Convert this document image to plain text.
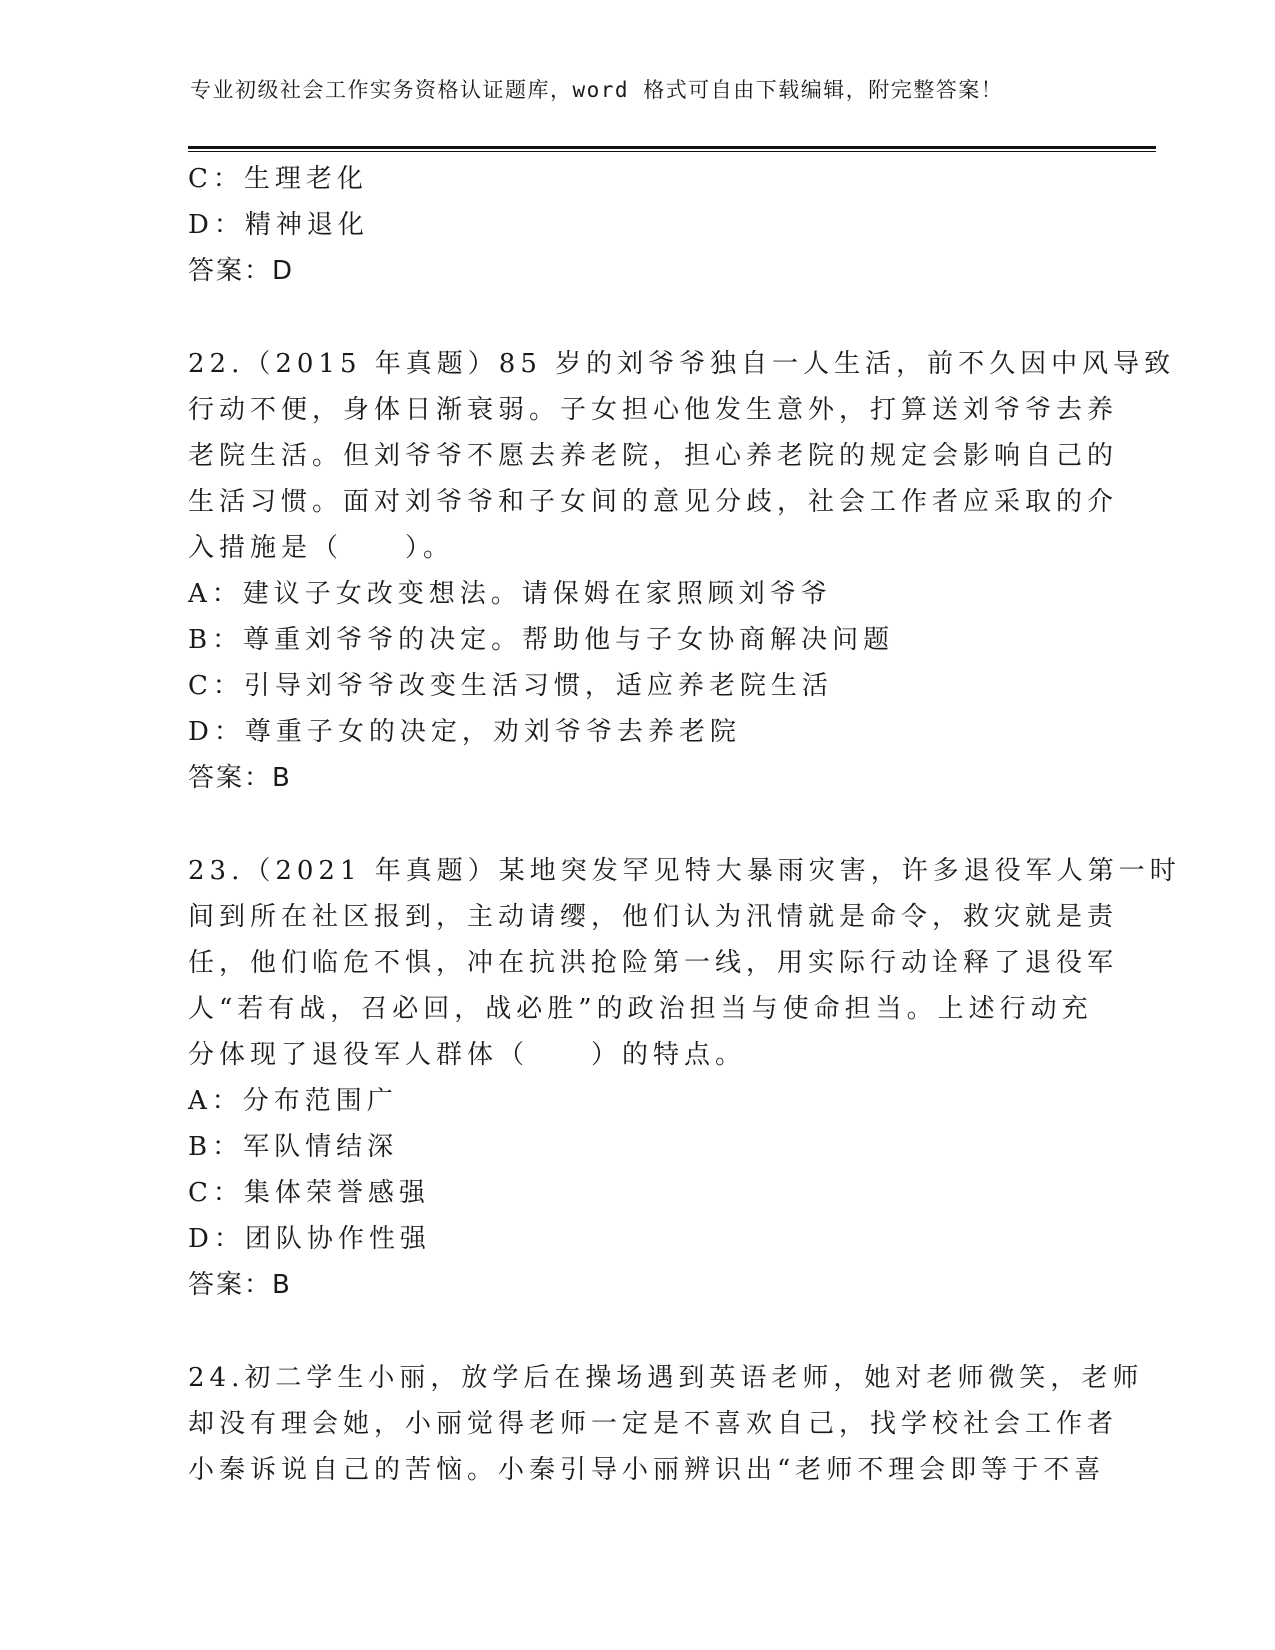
专业初级社会工作实务资格认证题库，word 格式可自由下载编辑，附完整答案！
C：生理老化
D：精神退化
答案：D
22.（2015 年真题）85 岁的刘爷爷独自一人生活，前不久因中风导致
行动不便，身体日渐衰弱。子女担心他发生意外，打算送刘爷爷去养
老院生活。但刘爷爷不愿去养老院，担心养老院的规定会影响自己的
生活习惯。面对刘爷爷和子女间的意见分歧，社会工作者应采取的介
入措施是（　　）。
A：建议子女改变想法。请保姆在家照顾刘爷爷
B：尊重刘爷爷的决定。帮助他与子女协商解决问题
C：引导刘爷爷改变生活习惯，适应养老院生活
D：尊重子女的决定，劝刘爷爷去养老院
答案：B
23.（2021 年真题）某地突发罕见特大暴雨灾害，许多退役军人第一时
间到所在社区报到，主动请缨，他们认为汛情就是命令，救灾就是责
任，他们临危不惧，冲在抗洪抢险第一线，用实际行动诠释了退役军
人“若有战，召必回，战必胜”的政治担当与使命担当。上述行动充
分体现了退役军人群体（　　）的特点。
A：分布范围广
B：军队情结深
C：集体荣誉感强
D：团队协作性强
答案：B
24.初二学生小丽，放学后在操场遇到英语老师，她对老师微笑，老师
却没有理会她，小丽觉得老师一定是不喜欢自己，找学校社会工作者
小秦诉说自己的苦恼。小秦引导小丽辨识出“老师不理会即等于不喜
